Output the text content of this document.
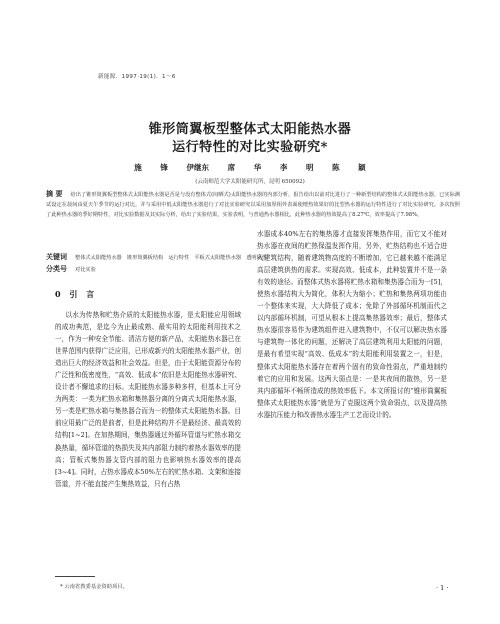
新能源．1997·19(1)．1～6
锥形筒翼板型整体式太阳能热水器
运行特性的对比实验研究*
施 锋 伊继东 席 华 李 明 陈 颖
(云南师范大学太阳能研究所，昆明 650092)
摘 要 给出了锥形筒翼板型整体式太阳能热水器是否是与没有整体式(闷晒式)太阳能热水器的内部分析，报告给出以前对比进行了一种新型结构的整体式太阳能热水器，已实际测试设定在晨间由夏天午季节的运行对比，并与采用中低太阳能热水器进行了对比实验研究以采用加厚相外表面使增热效果好的比型热水器的运行特性进行了对比实验研究。多次按照了此种热水器的季好期特性，对比实验数据及其实际分析，给出了实验结果，实验表明，与普通热水器相比，此种热水器的热效提高了8.27℃，效率提高了7.98%。
关键词 整体式太阳能热水器　锥形筒翼板结构　运行特性　平板式太阳能热水器　透明隔热
分类号 对比实验
0 引 言

以水为传热和贮热介质的太阳能热水器，是太阳能应用领域的成功典范，是迄今为止最成熟、最实用的太阳能利用技术之一，作为一种安全节能、清洁方便的新产品，太阳能热水器已在世界范围内获得广泛应用，已形成新兴的太阳能热水器产业，创造出巨大的经济效益和社会效益。但是，由于太阳能资源分布的广泛性和低密度性，“高效、低成本”依旧是太阳能热水器研究、设计者不懈追求的目标。太阳能热水器多种多样，但基本上可分为两类：一类为贮热水箱和集热器分离的分离式太阳能热水器，另一类是贮热水箱与集热器合而为一的整体式太阳能热水器。目前应用最广泛的是前者，但是此种结构并不是最经济、最高效的结构[1~2]。在加热期间，集热器通过外循环管道与贮热水箱交换热量，循环管道的热损失及其内部阻力制约着热水器效率的提高；管板式集热器支管内部的阻力也影响热水器效率的提高[3~4]。同时，占热水器成本50%左右的贮热水箱、支架和连接管道，并不能直接产生集热效益，只有占热

水器成本40%左右的集热器才直接发挥集热作用，而它又不能对热水器在夜间的贮热保温发挥作用，另外，贮热结构也不适合进入建筑结构，随着建筑物高度的不断增加，它已越来越不能满足高层建筑供热的需求。实现高效、低成本，此种装置并不是一条有效的途径。而整体式热水器将贮热水箱和集热器合而为一[5]，使热水器结构大为简化，体积大为缩小；贮热和集热两项功能由一个整体来实现，大大降低了成本；免除了外部循环机制而代之以内部循环机制，可望从根本上提高集热器效率；最后，整体式热水器很容易作为建筑组件进入建筑物中，不仅可以解决热水器与建筑物一体化的问题，还解决了高层建筑利用太阳能的问题，是最有希望实现“高效、低成本”的太阳能利用装置之一，但是，整体式太阳能热水器存在着两个固有的致命性弱点，严重地制约着它的应用和发展。这两大弱点是：一是其夜间的散热，另一是其内部循环不畅所造成的热效率低下。本文所报讨的“锥形筒翼板整体式太阳能热水器”就是为了克服这两个致命弱点，以及提高热水器抗压能力和改善热水器生产工艺而设计的。

* 云南省教委基金资助项目。	· 1 ·
